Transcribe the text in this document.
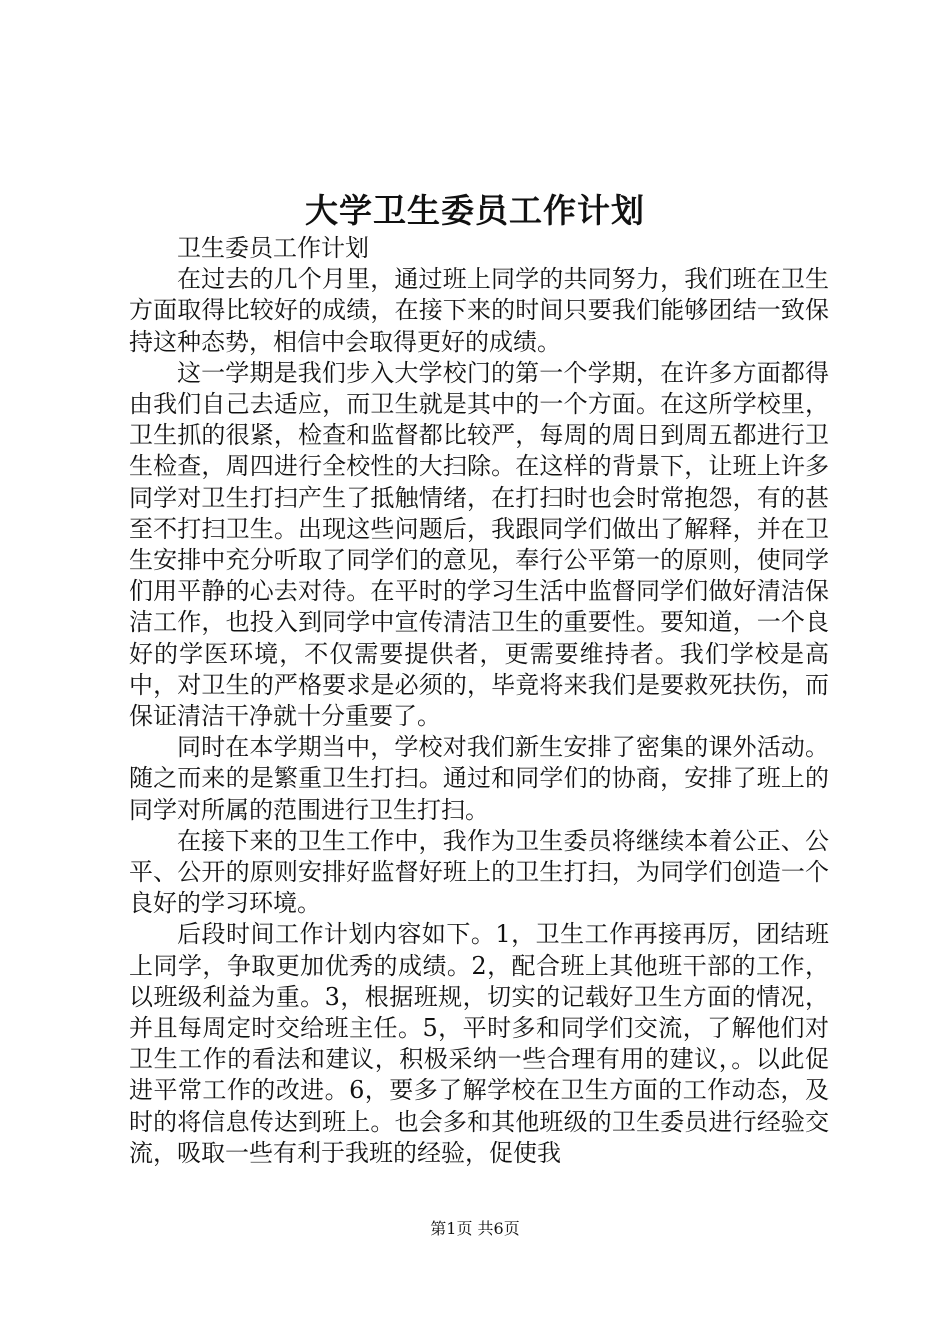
大学卫生委员工作计划

卫生委员工作计划

在过去的几个月里，通过班上同学的共同努力，我们班在卫生方面取得比较好的成绩，在接下来的时间只要我们能够团结一致保持这种态势，相信中会取得更好的成绩。

这一学期是我们步入大学校门的第一个学期，在许多方面都得由我们自己去适应，而卫生就是其中的一个方面。在这所学校里，卫生抓的很紧，检查和监督都比较严，每周的周日到周五都进行卫生检查，周四进行全校性的大扫除。在这样的背景下，让班上许多同学对卫生打扫产生了抵触情绪，在打扫时也会时常抱怨，有的甚至不打扫卫生。出现这些问题后，我跟同学们做出了解释，并在卫生安排中充分听取了同学们的意见，奉行公平第一的原则，使同学们用平静的心去对待。在平时的学习生活中监督同学们做好清洁保洁工作，也投入到同学中宣传清洁卫生的重要性。要知道，一个良好的学医环境，不仅需要提供者，更需要维持者。我们学校是高中，对卫生的严格要求是必须的，毕竟将来我们是要救死扶伤，而保证清洁干净就十分重要了。

同时在本学期当中，学校对我们新生安排了密集的课外活动。随之而来的是繁重卫生打扫。通过和同学们的协商，安排了班上的同学对所属的范围进行卫生打扫。

在接下来的卫生工作中，我作为卫生委员将继续本着公正、公平、公开的原则安排好监督好班上的卫生打扫，为同学们创造一个良好的学习环境。

后段时间工作计划内容如下。1，卫生工作再接再厉，团结班上同学，争取更加优秀的成绩。2，配合班上其他班干部的工作，以班级利益为重。3，根据班规，切实的记载好卫生方面的情况，并且每周定时交给班主任。5，平时多和同学们交流，了解他们对卫生工作的看法和建议，积极采纳一些合理有用的建议，。以此促进平常工作的改进。6，要多了解学校在卫生方面的工作动态，及时的将信息传达到班上。也会多和其他班级的卫生委员进行经验交流，吸取一些有利于我班的经验，促使我

第1页 共6页
